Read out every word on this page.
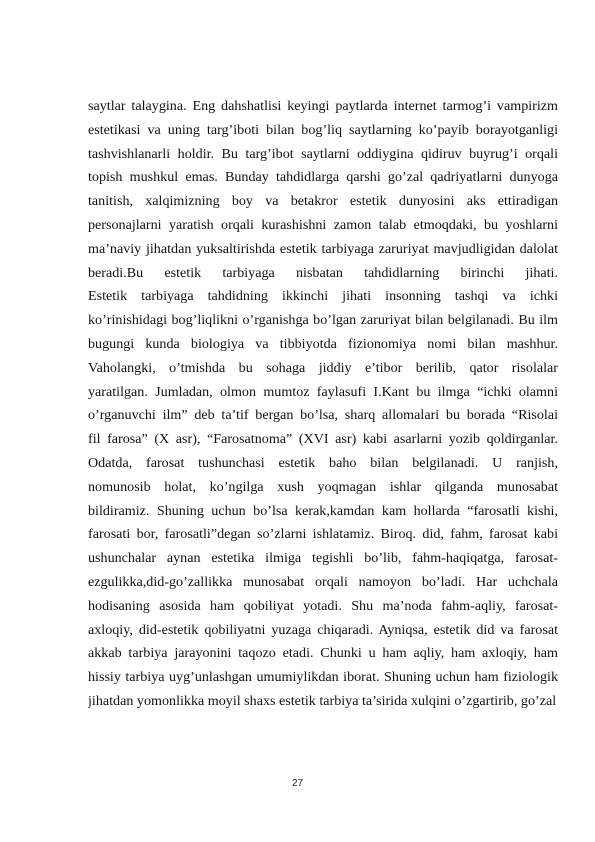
saytlar talaygina. Eng dahshatlisi keyingi paytlarda internet tarmog’i vampirizm
estetikasi va uning targ’iboti bilan bog’liq saytlarning ko’payib borayotganligi
tashvishlanarli holdir. Bu targ’ibot saytlarni oddiygina qidiruv buyrug’i orqali
topish mushkul emas. Bunday tahdidlarga qarshi go’zal qadriyatlarni dunyoga
tanitish, xalqimizning boy va betakror estetik dunyosini aks ettiradigan
personajlarni yaratish orqali kurashishni zamon talab etmoqdaki, bu yoshlarni
ma’naviy jihatdan yuksaltirishda estetik tarbiyaga zaruriyat mavjudligidan dalolat
beradi.Bu estetik tarbiyaga nisbatan tahdidlarning birinchi jihati.
Estetik tarbiyaga tahdidning ikkinchi jihati insonning tashqi va ichki
ko’rinishidagi bog’liqlikni o’rganishga bo’lgan zaruriyat bilan belgilanadi. Bu ilm
bugungi kunda biologiya va tibbiyotda fizionomiya nomi bilan mashhur.
Vaholangki, o’tmishda bu sohaga jiddiy e’tibor berilib, qator risolalar
yaratilgan. Jumladan, olmon mumtoz faylasufi I.Kant bu ilmga “ichki olamni
o’rganuvchi ilm” deb ta’tif bergan bo’lsa, sharq allomalari bu borada “Risolai
fil farosa” (X asr), “Farosatnoma” (XVI asr) kabi asarlarni yozib qoldirganlar.
Odatda, farosat tushunchasi estetik baho bilan belgilanadi. U ranjish,
nomunosib holat, ko’ngilga xush yoqmagan ishlar qilganda munosabat
bildiramiz. Shuning uchun bo’lsa kerak,kamdan kam hollarda “farosatli kishi,
farosati bor, farosatli”degan so’zlarni ishlatamiz. Biroq. did, fahm, farosat kabi
ushunchalar aynan estetika ilmiga tegishli bo’lib, fahm-haqiqatga, farosat-
ezgulikka,did-go’zallikka munosabat orqali namoyon bo’ladi. Har uchchala
hodisaning asosida ham qobiliyat yotadi. Shu ma’noda fahm-aqliy, farosat-
axloqiy, did-estetik qobiliyatni yuzaga chiqaradi. Ayniqsa, estetik did va farosat
akkab tarbiya jarayonini taqozo etadi. Chunki u ham aqliy, ham axloqiy, ham
hissiy tarbiya uyg’unlashgan umumiylikdan iborat. Shuning uchun ham fiziologik
jihatdan yomonlikka moyil shaxs estetik tarbiya ta’sirida xulqini o’zgartirib, go’zal
27
